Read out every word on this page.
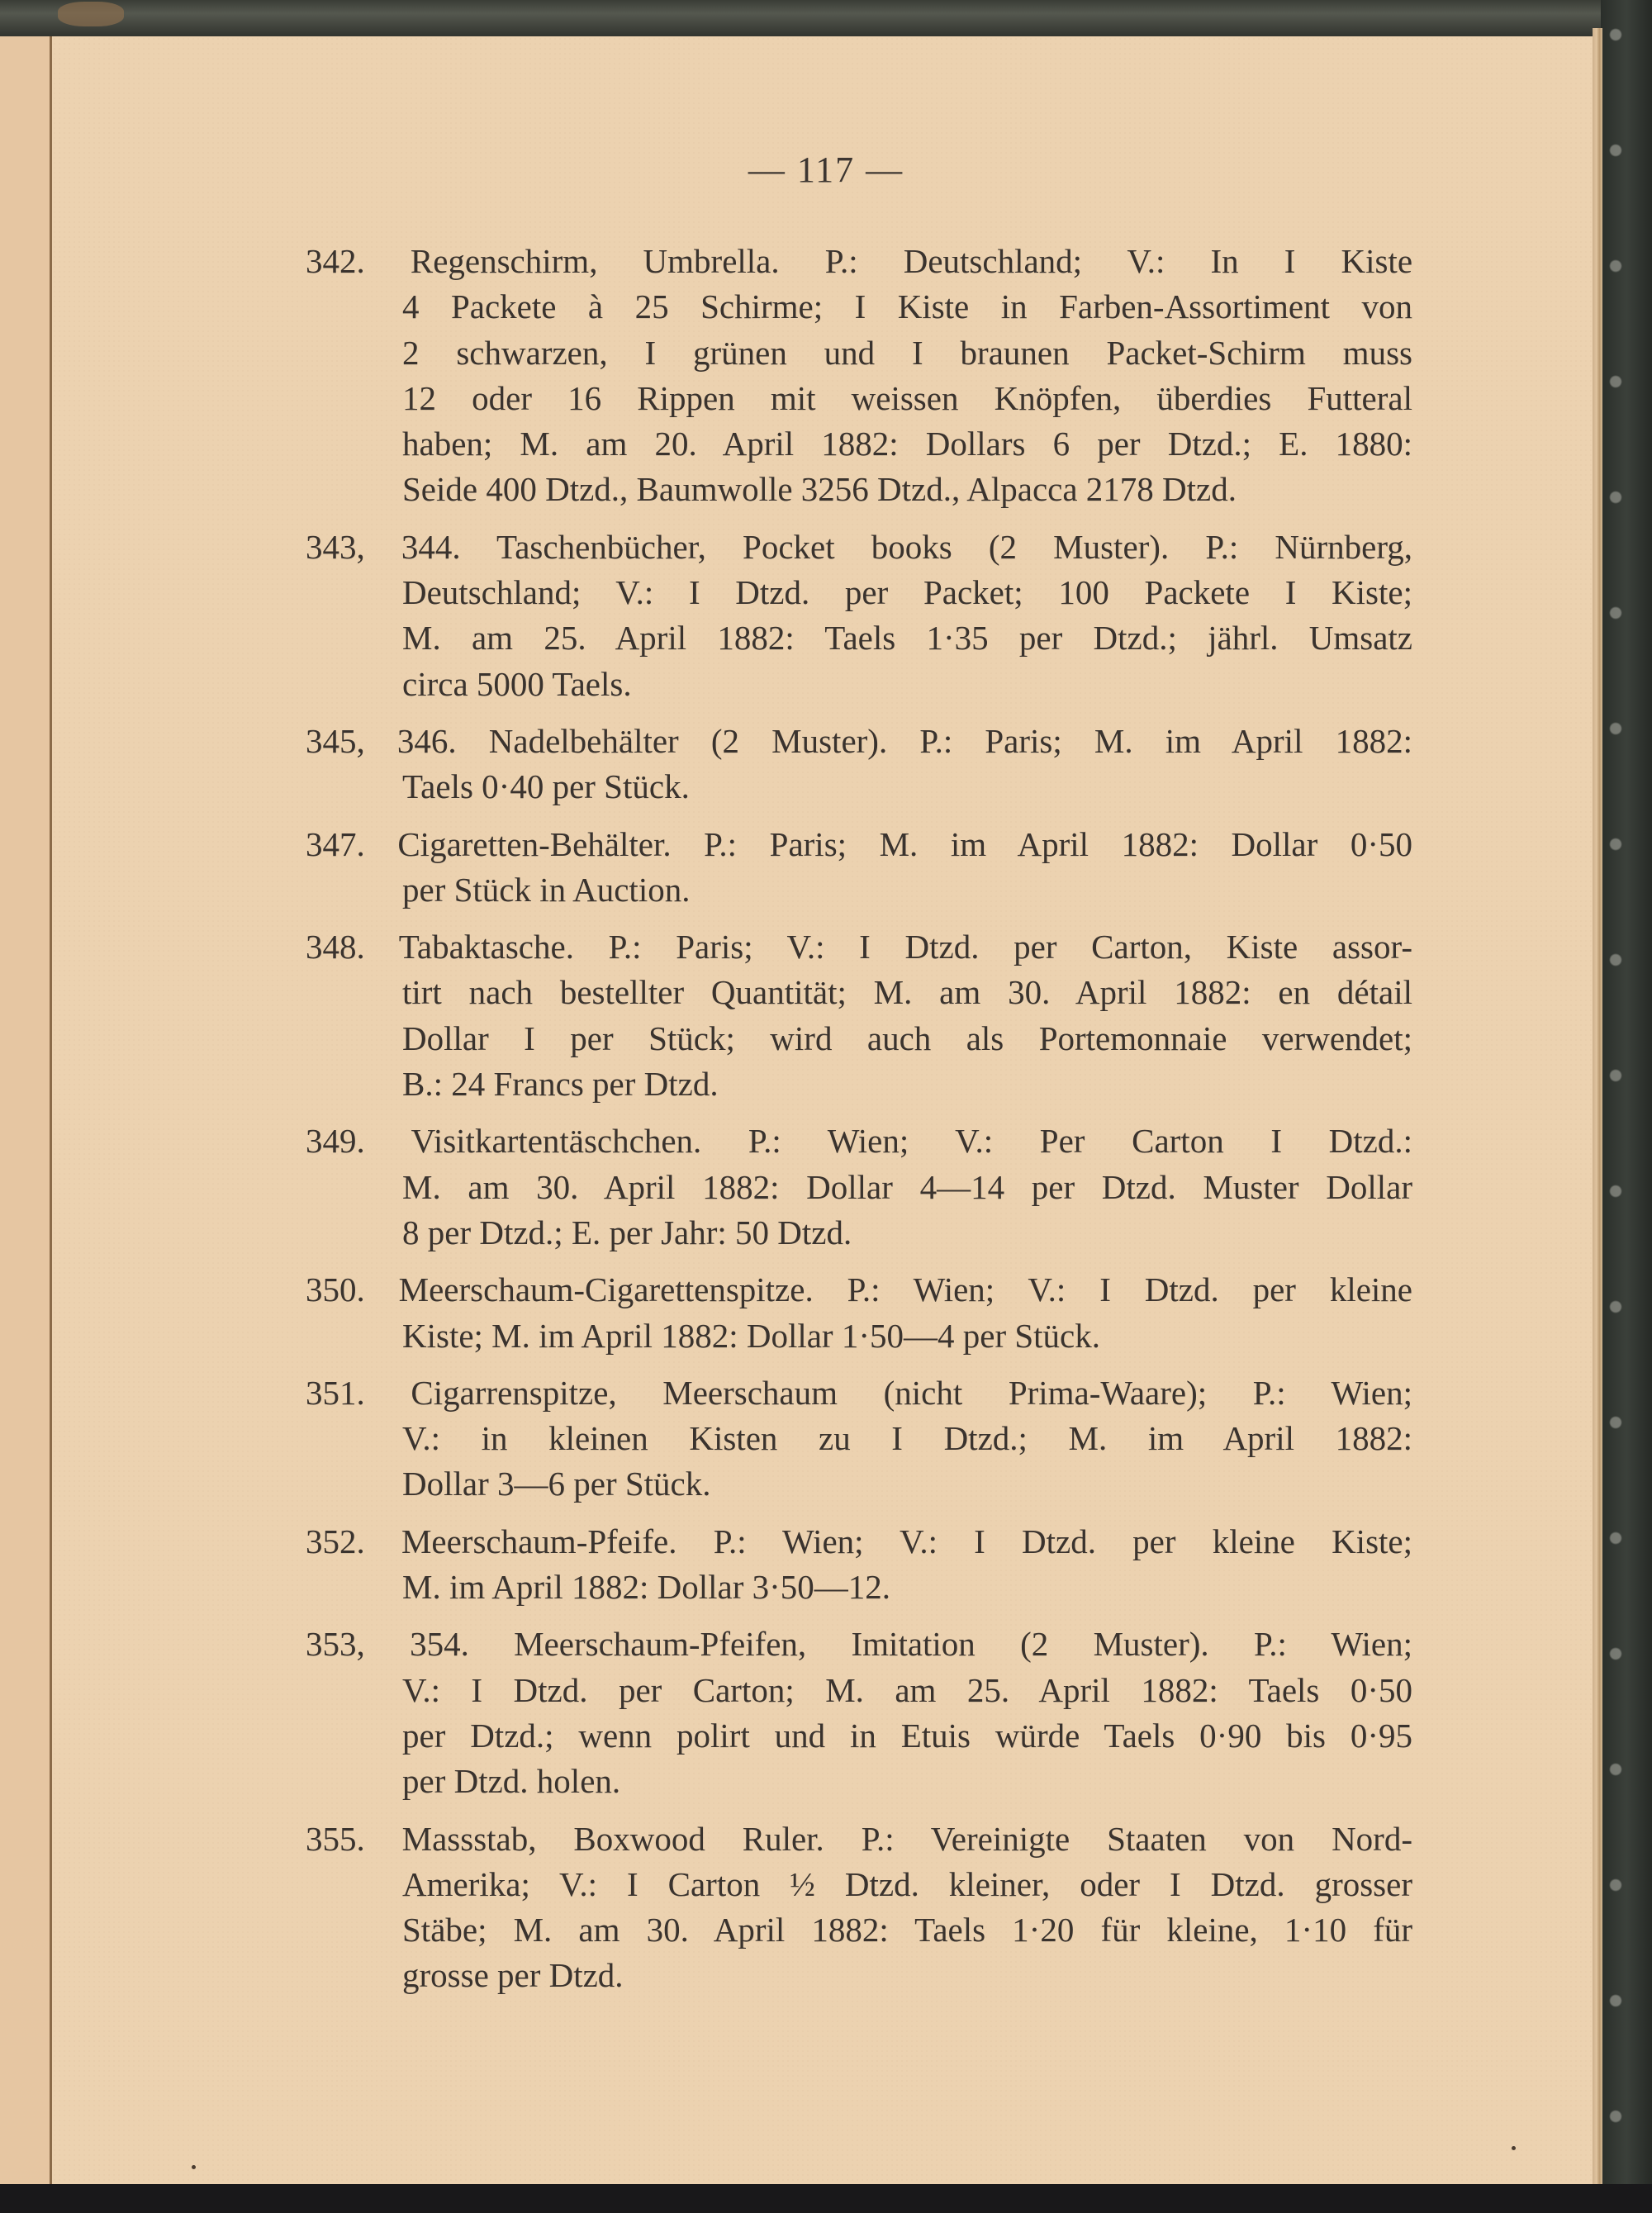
— 117 —
342. Regenschirm, Umbrella. P.: Deutschland; V.: In I Kiste
4 Packete à 25 Schirme; I Kiste in Farben-Assortiment von
2 schwarzen, I grünen und I braunen Packet-Schirm muss
12 oder 16 Rippen mit weissen Knöpfen, überdies Futteral
haben; M. am 20. April 1882: Dollars 6 per Dtzd.; E. 1880:
Seide 400 Dtzd., Baumwolle 3256 Dtzd., Alpacca 2178 Dtzd.
343, 344. Taschenbücher, Pocket books (2 Muster). P.: Nürnberg,
Deutschland; V.: I Dtzd. per Packet; 100 Packete I Kiste;
M. am 25. April 1882: Taels 1·35 per Dtzd.; jährl. Umsatz
circa 5000 Taels.
345, 346. Nadelbehälter (2 Muster). P.: Paris; M. im April 1882:
Taels 0·40 per Stück.
347. Cigaretten-Behälter. P.: Paris; M. im April 1882: Dollar 0·50
per Stück in Auction.
348. Tabaktasche. P.: Paris; V.: I Dtzd. per Carton, Kiste assor-
tirt nach bestellter Quantität; M. am 30. April 1882: en détail
Dollar I per Stück; wird auch als Portemonnaie verwendet;
B.: 24 Francs per Dtzd.
349. Visitkartentäschchen. P.: Wien; V.: Per Carton I Dtzd.:
M. am 30. April 1882: Dollar 4—14 per Dtzd. Muster Dollar
8 per Dtzd.; E. per Jahr: 50 Dtzd.
350. Meerschaum-Cigarettenspitze. P.: Wien; V.: I Dtzd. per kleine
Kiste; M. im April 1882: Dollar 1·50—4 per Stück.
351. Cigarrenspitze, Meerschaum (nicht Prima-Waare); P.: Wien;
V.: in kleinen Kisten zu I Dtzd.; M. im April 1882:
Dollar 3—6 per Stück.
352. Meerschaum-Pfeife. P.: Wien; V.: I Dtzd. per kleine Kiste;
M. im April 1882: Dollar 3·50—12.
353, 354. Meerschaum-Pfeifen, Imitation (2 Muster). P.: Wien;
V.: I Dtzd. per Carton; M. am 25. April 1882: Taels 0·50
per Dtzd.; wenn polirt und in Etuis würde Taels 0·90 bis 0·95
per Dtzd. holen.
355. Massstab, Boxwood Ruler. P.: Vereinigte Staaten von Nord-
Amerika; V.: I Carton ½ Dtzd. kleiner, oder I Dtzd. grosser
Stäbe; M. am 30. April 1882: Taels 1·20 für kleine, 1·10 für
grosse per Dtzd.
